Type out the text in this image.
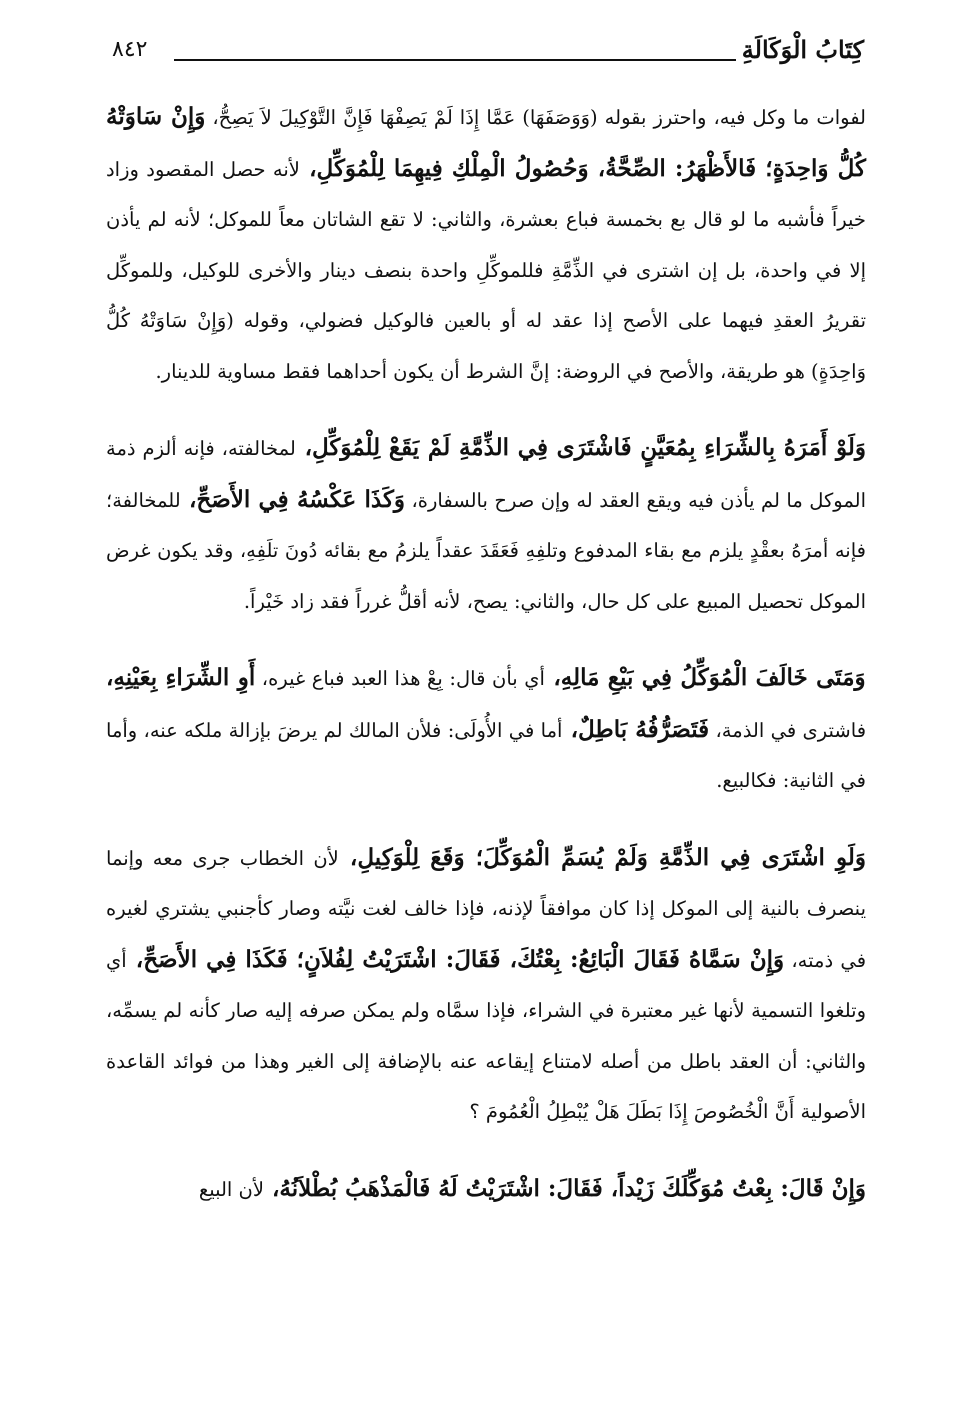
كِتَابُ الْوَكَالَةِ
٨٤٢

لفوات ما وكل فيه، واحترز بقوله (وَوَصَفَهَا) عَمَّا إِذَا لَمْ يَصِفْهَا فَإِنَّ التَّوْكِيلَ لاَ يَصِحُّ، وَإِنْ سَاوَتْهُ كُلُّ وَاحِدَةٍ؛ فَالأَظْهَرُ: الصِّحَّةُ، وَحُصُولُ الْمِلْكِ فِيهِمَا لِلْمُوَكِّلِ، لأنه حصل المقصود وزاد خيراً فأشبه ما لو قال بع بخمسة فباع بعشرة، والثاني: لا تقع الشاتان معاً للموكل؛ لأنه لم يأذن إلا في واحدة، بل إن اشترى في الذِّمَّةِ فللموكِّلِ واحدة بنصف دينار والأخرى للوكيل، وللموكِّل تقريرُ العقدِ فيهما على الأصح إذا عقد له أو بالعين فالوكيل فضولي، وقوله (وَإِنْ سَاوَتْهُ كُلُّ وَاحِدَةٍ) هو طريقة، والأصح في الروضة: إنَّ الشرط أن يكون أحداهما فقط مساوية للدينار.

وَلَوْ أَمَرَهُ بِالشِّرَاءِ بِمُعَيَّنٍ فَاشْتَرَى فِي الذِّمَّةِ لَمْ يَقَعْ لِلْمُوَكِّلِ، لمخالفته، فإنه ألزم ذمة الموكل ما لم يأذن فيه ويقع العقد له وإن صرح بالسفارة، وَكَذَا عَكْسُهُ فِي الأَصَحِّ، للمخالفة؛ فإنه أمرَهُ بعقْدٍ يلزم مع بقاء المدفوع وتلفِهِ فَعَقَدَ عقداً يلزمُ مع بقائه دُونَ تلَفِهِ، وقد يكون غرض الموكل تحصيل المبيع على كل حال، والثاني: يصح، لأنه أقلُّ غرراً فقد زاد خَيْراً.

وَمَتَى خَالَفَ الْمُوَكِّلُ فِي بَيْعِ مَالِهِ، أي بأن قال: بِعْ هذا العبد فباع غيره، أَوِ الشِّرَاءِ بِعَيْنِهِ، فاشترى في الذمة، فَتَصَرُّفُهُ بَاطِلٌ، أما في الأُولَى: فلأن المالك لم يرضَ بإزالة ملكه عنه، وأما في الثانية: فكالبيع.

وَلَوِ اشْتَرَى فِي الذِّمَّةِ وَلَمْ يُسَمِّ الْمُوَكِّلَ؛ وَقَعَ لِلْوَكِيلِ، لأن الخطاب جرى معه وإنما ينصرف بالنية إلى الموكل إذا كان موافقاً لإذنه، فإذا خالف لغت نيَّته وصار كأجنبي يشتري لغيره في ذمته، وَإِنْ سَمَّاهُ فَقَالَ الْبَائِعُ: بِعْتُكَ، فَقَالَ: اشْتَرَيْتُ لِفُلاَنٍ؛ فَكَذَا فِي الأَصَحِّ، أي وتلغوا التسمية لأنها غير معتبرة في الشراء، فإذا سمَّاه ولم يمكن صرفه إليه صار كأنه لم يسمِّه، والثاني: أن العقد باطل من أصله لامتناع إيقاعه عنه بالإضافة إلى الغير وهذا من فوائد القاعدة الأصولية أَنَّ الْخُصُوصَ إِذَا بَطَلَ هَلْ يُبْطِلُ الْعُمُومَ ؟

وَإِنْ قَالَ: بِعْتُ مُوَكِّلَكَ زَيْداً، فَقَالَ: اشْتَرَيْتُ لَهُ فَالْمَذْهَبُ بُطْلاَنُهُ، لأن البيع
